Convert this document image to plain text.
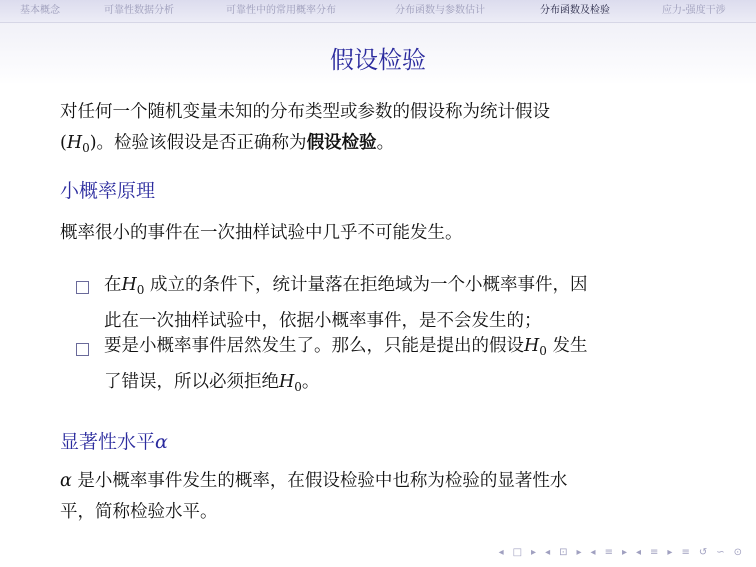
基本概念	可靠性数据分析	可靠性中的常用概率分布	分布函数与参数估计	分布函数及检验	应力-强度干涉
假设检验

对任何一个随机变量未知的分布类型或参数的假设称为统计假设
$(H_0)$。检验该假设是否正确称为假设检验。

小概率原理

概率很小的事件在一次抽样试验中几乎不可能发生。

在$H_0$ 成立的条件下，统计量落在拒绝域为一个小概率事件，因
此在一次抽样试验中，依据小概率事件，是不会发生的；

要是小概率事件居然发生了。那么，只能是提出的假设$H_0$ 发生
了错误，所以必须拒绝$H_0$。

显著性水平α

α 是小概率事件发生的概率，在假设检验中也称为检验的显著性水
平，简称检验水平。

◂ □ ▸ ◂ ⊡ ▸ ◂ ≡ ▸ ◂ ≡ ▸ ≡ ↺ ∽ ⊙
